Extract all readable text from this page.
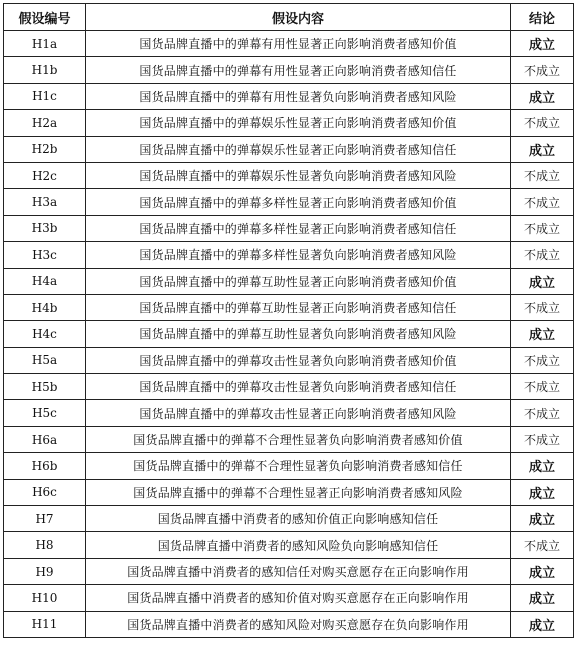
假设编号	假设内容	结论
H1a	国货品牌直播中的弹幕有用性显著正向影响消费者感知价值	成立
H1b	国货品牌直播中的弹幕有用性显著正向影响消费者感知信任	不成立
H1c	国货品牌直播中的弹幕有用性显著负向影响消费者感知风险	成立
H2a	国货品牌直播中的弹幕娱乐性显著正向影响消费者感知价值	不成立
H2b	国货品牌直播中的弹幕娱乐性显著正向影响消费者感知信任	成立
H2c	国货品牌直播中的弹幕娱乐性显著负向影响消费者感知风险	不成立
H3a	国货品牌直播中的弹幕多样性显著正向影响消费者感知价值	不成立
H3b	国货品牌直播中的弹幕多样性显著正向影响消费者感知信任	不成立
H3c	国货品牌直播中的弹幕多样性显著负向影响消费者感知风险	不成立
H4a	国货品牌直播中的弹幕互助性显著正向影响消费者感知价值	成立
H4b	国货品牌直播中的弹幕互助性显著正向影响消费者感知信任	不成立
H4c	国货品牌直播中的弹幕互助性显著负向影响消费者感知风险	成立
H5a	国货品牌直播中的弹幕攻击性显著负向影响消费者感知价值	不成立
H5b	国货品牌直播中的弹幕攻击性显著负向影响消费者感知信任	不成立
H5c	国货品牌直播中的弹幕攻击性显著正向影响消费者感知风险	不成立
H6a	国货品牌直播中的弹幕不合理性显著负向影响消费者感知价值	不成立
H6b	国货品牌直播中的弹幕不合理性显著负向影响消费者感知信任	成立
H6c	国货品牌直播中的弹幕不合理性显著正向影响消费者感知风险	成立
H7	国货品牌直播中消费者的感知价值正向影响感知信任	成立
H8	国货品牌直播中消费者的感知风险负向影响感知信任	不成立
H9	国货品牌直播中消费者的感知信任对购买意愿存在正向影响作用	成立
H10	国货品牌直播中消费者的感知价值对购买意愿存在正向影响作用	成立
H11	国货品牌直播中消费者的感知风险对购买意愿存在负向影响作用	成立
